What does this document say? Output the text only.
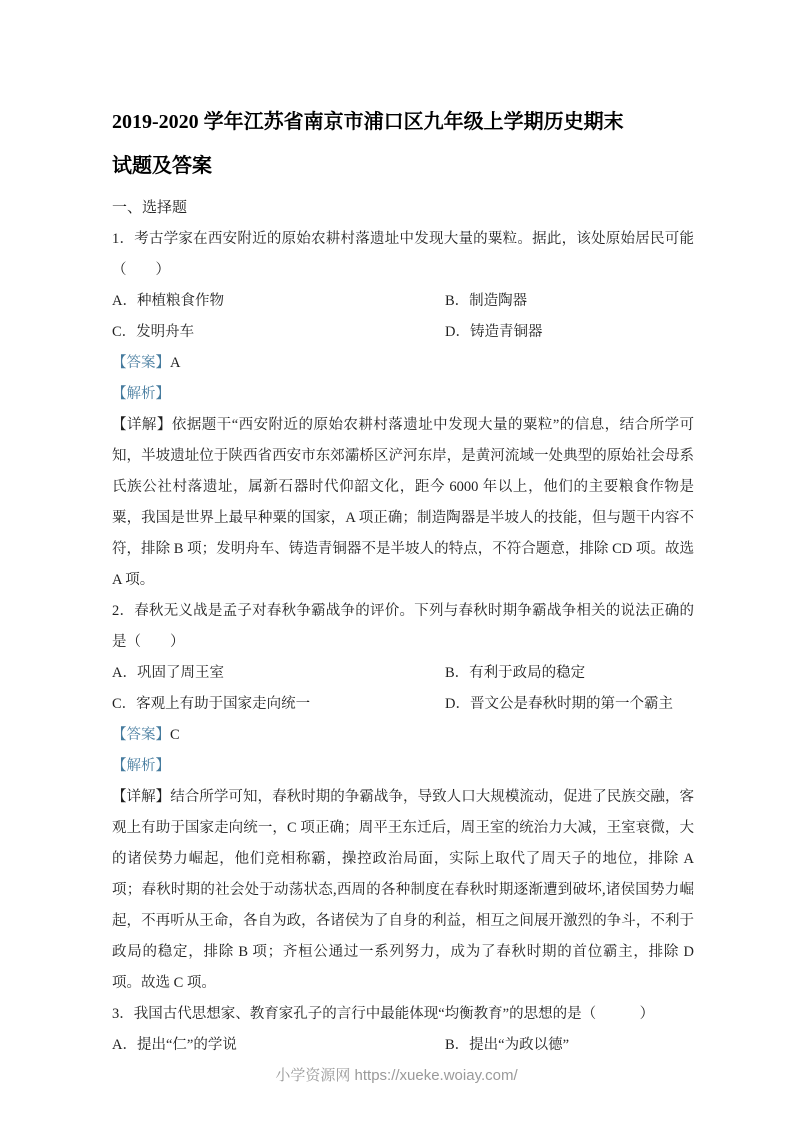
2019-2020 学年江苏省南京市浦口区九年级上学期历史期末
试题及答案
一、选择题

1．考古学家在西安附近的原始农耕村落遗址中发现大量的粟粒。据此，该处原始居民可能（　　）

A．种植粮食作物	B．制造陶器
C．发明舟车	D．铸造青铜器

【答案】A

【解析】

【详解】依据题干“西安附近的原始农耕村落遗址中发现大量的粟粒”的信息，结合所学可知，半坡遗址位于陕西省西安市东郊灞桥区浐河东岸，是黄河流域一处典型的原始社会母系氏族公社村落遗址，属新石器时代仰韶文化，距今 6000 年以上，他们的主要粮食作物是粟，我国是世界上最早种粟的国家，A 项正确；制造陶器是半坡人的技能，但与题干内容不符，排除 B 项；发明舟车、铸造青铜器不是半坡人的特点，不符合题意，排除 CD 项。故选 A 项。

2．春秋无义战是孟子对春秋争霸战争的评价。下列与春秋时期争霸战争相关的说法正确的是（　　）

A．巩固了周王室	B．有利于政局的稳定
C．客观上有助于国家走向统一	D．晋文公是春秋时期的第一个霸主

【答案】C

【解析】

【详解】结合所学可知，春秋时期的争霸战争，导致人口大规模流动，促进了民族交融，客观上有助于国家走向统一，C 项正确；周平王东迁后，周王室的统治力大减，王室衰微，大的诸侯势力崛起，他们竞相称霸，操控政治局面，实际上取代了周天子的地位，排除 A 项；春秋时期的社会处于动荡状态,西周的各种制度在春秋时期逐渐遭到破坏,诸侯国势力崛起，不再听从王命，各自为政，各诸侯为了自身的利益，相互之间展开激烈的争斗，不利于政局的稳定，排除 B 项；齐桓公通过一系列努力，成为了春秋时期的首位霸主，排除 D 项。故选 C 项。

3．我国古代思想家、教育家孔子的言行中最能体现“均衡教育”的思想的是（　　　）

A．提出“仁”的学说	B．提出“为政以德”
小学资源网 https://xueke.woiay.com/
